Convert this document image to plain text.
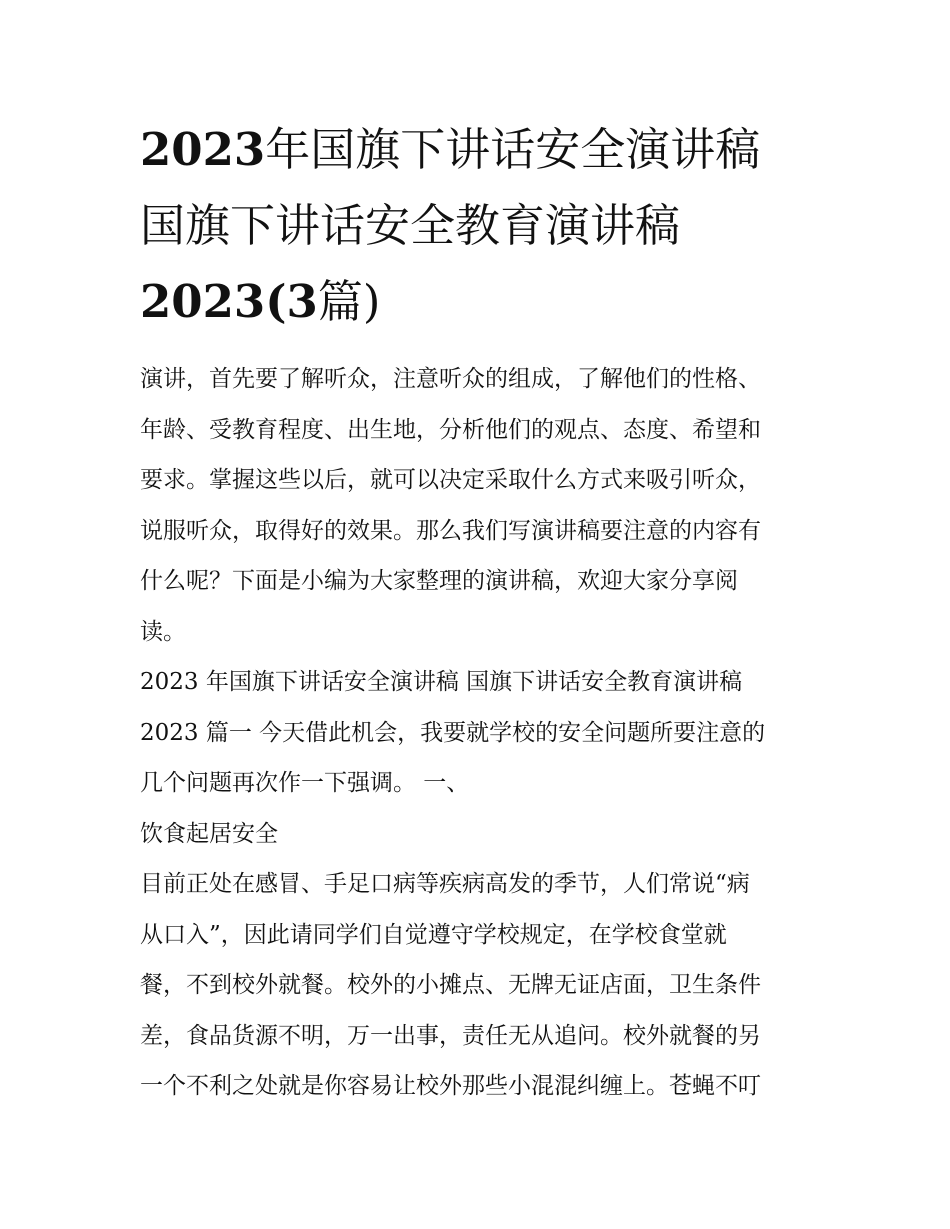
2023年国旗下讲话安全演讲稿
国旗下讲话安全教育演讲稿
2023(3篇)
演讲，首先要了解听众，注意听众的组成，了解他们的性格、
年龄、受教育程度、出生地，分析他们的观点、态度、希望和
要求。掌握这些以后，就可以决定采取什么方式来吸引听众，
说服听众，取得好的效果。那么我们写演讲稿要注意的内容有
什么呢？下面是小编为大家整理的演讲稿，欢迎大家分享阅
读。
2023 年国旗下讲话安全演讲稿 国旗下讲话安全教育演讲稿
2023 篇一 今天借此机会，我要就学校的安全问题所要注意的
几个问题再次作一下强调。 一、
饮食起居安全
目前正处在感冒、手足口病等疾病高发的季节，人们常说“病
从口入”，因此请同学们自觉遵守学校规定，在学校食堂就
餐，不到校外就餐。校外的小摊点、无牌无证店面，卫生条件
差，食品货源不明，万一出事，责任无从追问。校外就餐的另
一个不利之处就是你容易让校外那些小混混纠缠上。苍蝇不叮
